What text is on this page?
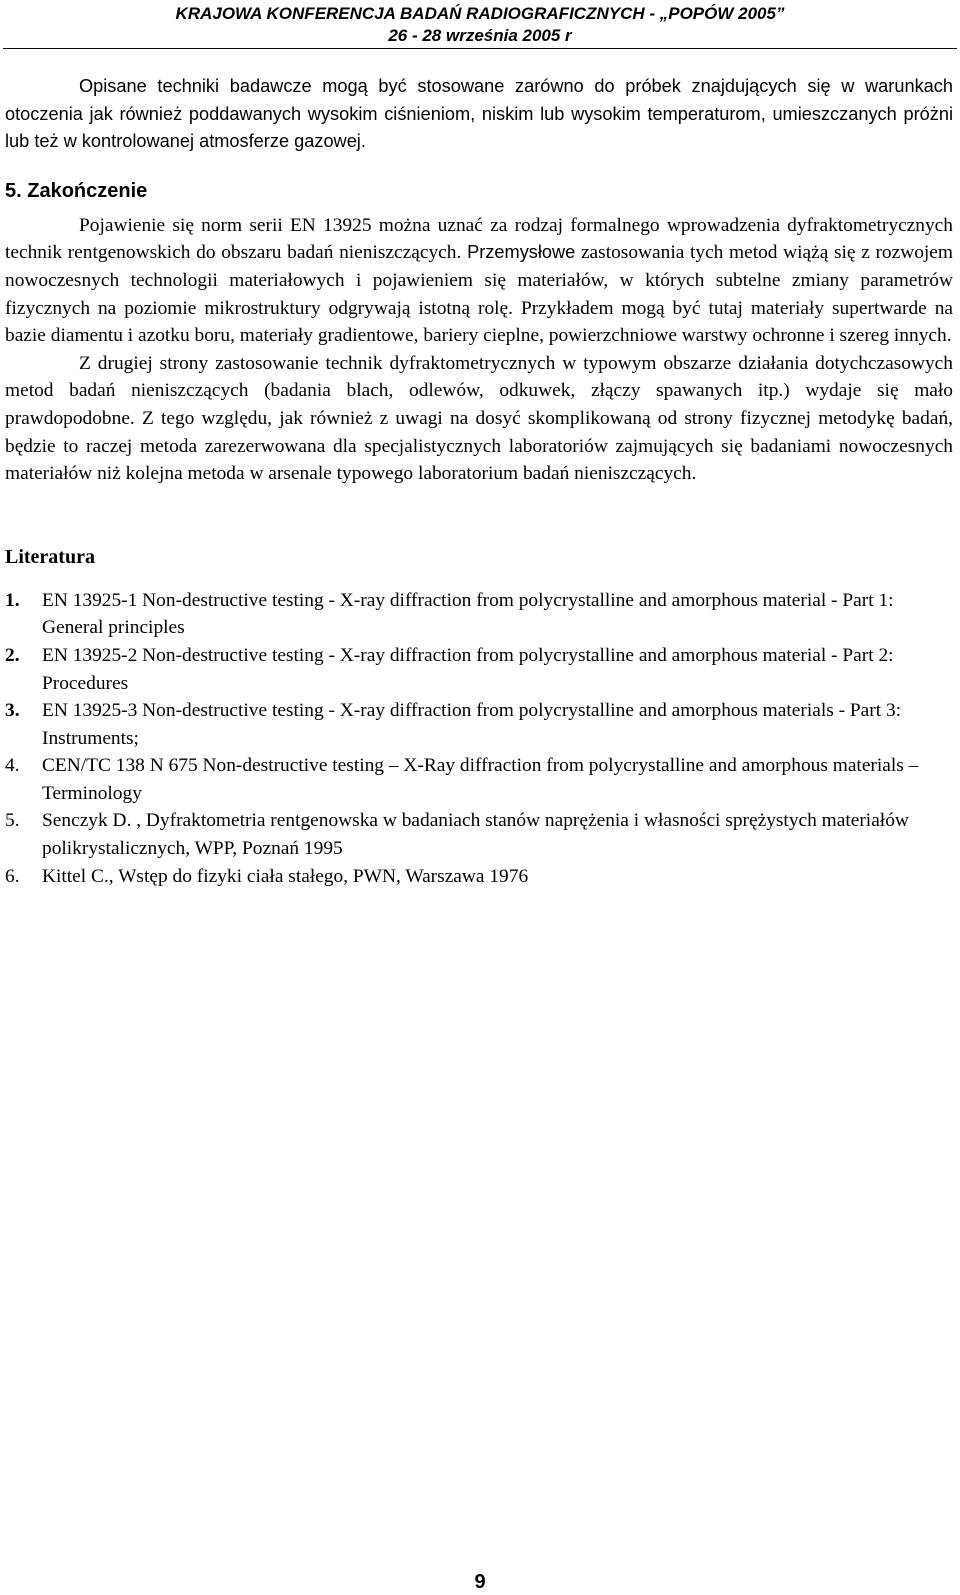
KRAJOWA KONFERENCJA BADAŃ RADIOGRAFICZNYCH - „POPÓW 2005”
26 - 28 września 2005 r

Opisane techniki badawcze mogą być stosowane zarówno do próbek znajdujących się w warunkach otoczenia jak również poddawanych wysokim ciśnieniom, niskim lub wysokim temperaturom, umieszczanych próżni lub też w kontrolowanej atmosferze gazowej.

5. Zakończenie

Pojawienie się norm serii EN 13925 można uznać za rodzaj formalnego wprowadzenia dyfraktometrycznych technik rentgenowskich do obszaru badań nieniszczących. Przemysłowe zastosowania tych metod wiążą się z rozwojem nowoczesnych technologii materiałowych i pojawieniem się materiałów, w których subtelne zmiany parametrów fizycznych na poziomie mikrostruktury odgrywają istotną rolę. Przykładem mogą być tutaj materiały supertwarde na bazie diamentu i azotku boru, materiały gradientowe, bariery cieplne, powierzchniowe warstwy ochronne i szereg innych.

Z drugiej strony zastosowanie technik dyfraktometrycznych w typowym obszarze działania dotychczasowych metod badań nieniszczących (badania blach, odlewów, odkuwek, złączy spawanych itp.) wydaje się mało prawdopodobne. Z tego względu, jak również z uwagi na dosyć skomplikowaną od strony fizycznej metodykę badań, będzie to raczej metoda zarezerwowana dla specjalistycznych laboratoriów zajmujących się badaniami nowoczesnych materiałów niż kolejna metoda w arsenale typowego laboratorium badań nieniszczących.

Literatura
1. EN 13925-1 Non-destructive testing - X-ray diffraction from polycrystalline and amorphous material - Part 1: General principles
2. EN 13925-2 Non-destructive testing - X-ray diffraction from polycrystalline and amorphous material - Part 2: Procedures
3. EN 13925-3 Non-destructive testing - X-ray diffraction from polycrystalline and amorphous materials - Part 3: Instruments;
4. CEN/TC 138 N 675 Non-destructive testing – X-Ray diffraction from polycrystalline and amorphous materials – Terminology
5. Senczyk D. , Dyfraktometria rentgenowska w badaniach stanów naprężenia i własności sprężystych materiałów polikrystalicznych, WPP, Poznań 1995
6. Kittel C., Wstęp do fizyki ciała stałego, PWN, Warszawa 1976
9
